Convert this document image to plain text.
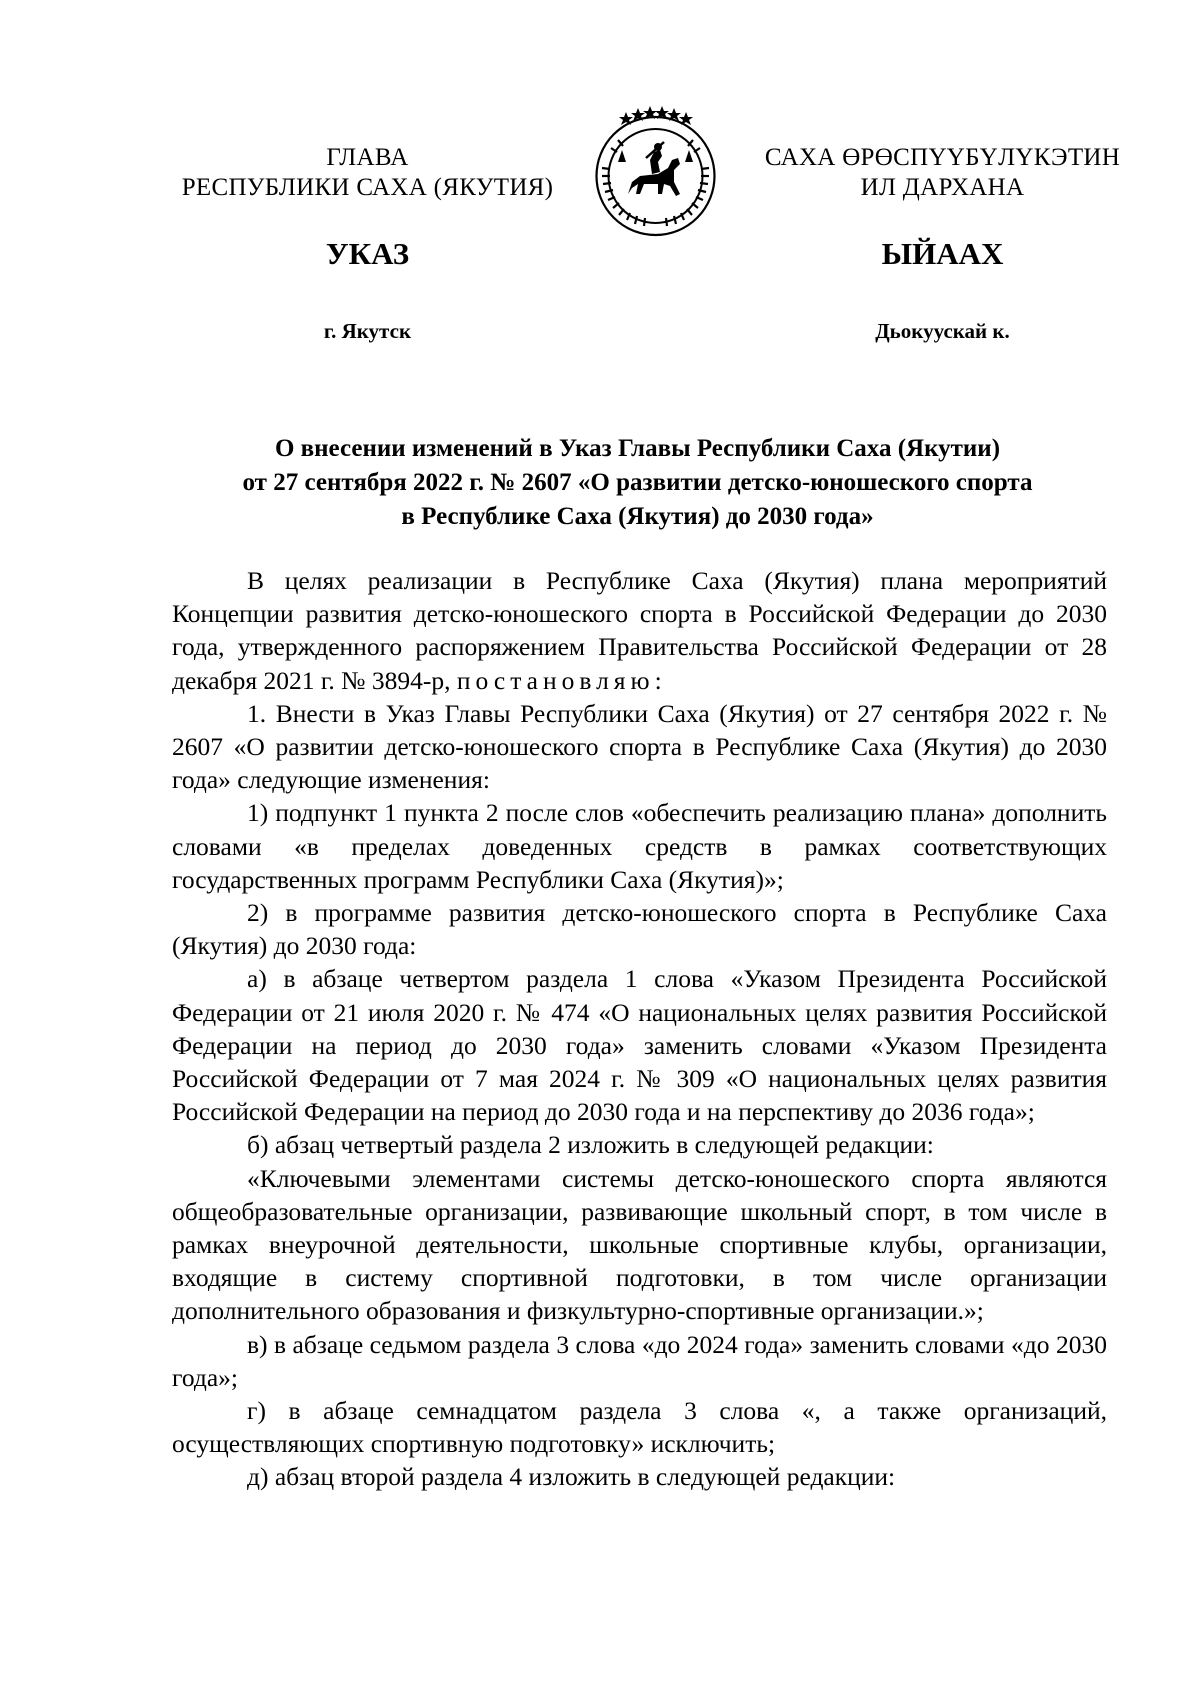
ГЛАВА
РЕСПУБЛИКИ САХА (ЯКУТИЯ)
САХА ӨРӨСПҮҮБҮЛҮКЭТИН
ИЛ ДАРХАНА
УКАЗ	ЫЙААХ
г. Якутск	Дьокуускай к.
О внесении изменений в Указ Главы Республики Саха (Якутии)
от 27 сентября 2022 г. № 2607 «О развитии детско-юношеского спорта
в Республике Саха (Якутия) до 2030 года»

В целях реализации в Республике Саха (Якутия) плана мероприятий Концепции развития детско-юношеского спорта в Российской Федерации до 2030 года, утвержденного распоряжением Правительства Российской Федерации от 28 декабря 2021 г. № 3894-р, постановляю:

1. Внести в Указ Главы Республики Саха (Якутия) от 27 сентября 2022 г. № 2607 «О развитии детско-юношеского спорта в Республике Саха (Якутия) до 2030 года» следующие изменения:

1) подпункт 1 пункта 2 после слов «обеспечить реализацию плана» дополнить словами «в пределах доведенных средств в рамках соответствующих государственных программ Республики Саха (Якутия)»;

2) в программе развития детско-юношеского спорта в Республике Саха (Якутия) до 2030 года:

а) в абзаце четвертом раздела 1 слова «Указом Президента Российской Федерации от 21 июля 2020 г. № 474 «О национальных целях развития Российской Федерации на период до 2030 года» заменить словами «Указом Президента Российской Федерации от 7 мая 2024 г. № 309 «О национальных целях развития Российской Федерации на период до 2030 года и на перспективу до 2036 года»;

б) абзац четвертый раздела 2 изложить в следующей редакции:

«Ключевыми элементами системы детско-юношеского спорта являются общеобразовательные организации, развивающие школьный спорт, в том числе в рамках внеурочной деятельности, школьные спортивные клубы, организации, входящие в систему спортивной подготовки, в том числе организации дополнительного образования и физкультурно-спортивные организации.»;

в) в абзаце седьмом раздела 3 слова «до 2024 года» заменить словами «до 2030 года»;

г) в абзаце семнадцатом раздела 3 слова «, а также организаций, осуществляющих спортивную подготовку» исключить;

д) абзац второй раздела 4 изложить в следующей редакции:
